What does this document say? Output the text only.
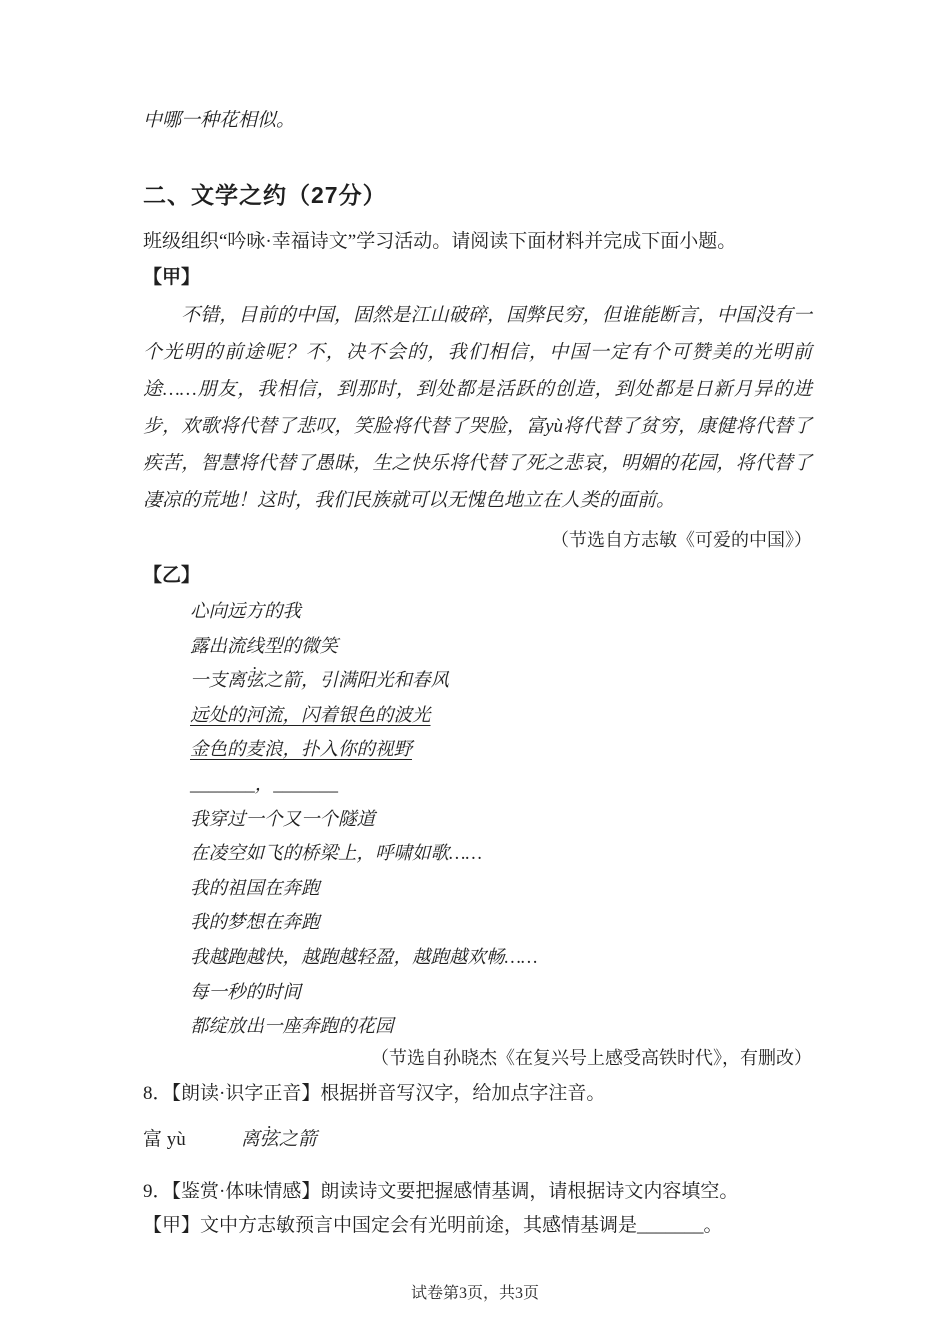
中哪一种花相似。

二、文学之约（27分）

班级组织“吟咏·幸福诗文”学习活动。请阅读下面材料并完成下面小题。

【甲】

不错，目前的中国，固然是江山破碎，国弊民穷，但谁能断言，中国没有一个光明的前途呢？不，决不会的，我们相信，中国一定有个可赞美的光明前途……朋友，我相信，到那时，到处都是活跃的创造，到处都是日新月异的进步，欢歌将代替了悲叹，笑脸将代替了哭脸，富yù将代替了贫穷，康健将代替了疾苦，智慧将代替了愚昧，生之快乐将代替了死之悲哀，明媚的花园，将代替了凄凉的荒地！这时，我们民族就可以无愧色地立在人类的面前。

（节选自方志敏《可爱的中国》）

【乙】

心向远方的我

露出流线型的微笑

一支离弦之箭，引满阳光和春风

远处的河流，闪着银色的波光

金色的麦浪，扑入你的视野

_______，_______

我穿过一个又一个隧道

在凌空如飞的桥梁上，呼啸如歌……

我的祖国在奔跑

我的梦想在奔跑

我越跑越快，越跑越轻盈，越跑越欢畅……

每一秒的时间

都绽放出一座奔跑的花园

（节选自孙晓杰《在复兴号上感受高铁时代》，有删改）

8．【朗读·识字正音】根据拼音写汉字，给加点字注音。

富 yù	离弦之箭

9．【鉴赏·体味情感】朗读诗文要把握感情基调，请根据诗文内容填空。

【甲】文中方志敏预言中国定会有光明前途，其感情基调是_______。

试卷第3页，共3页
